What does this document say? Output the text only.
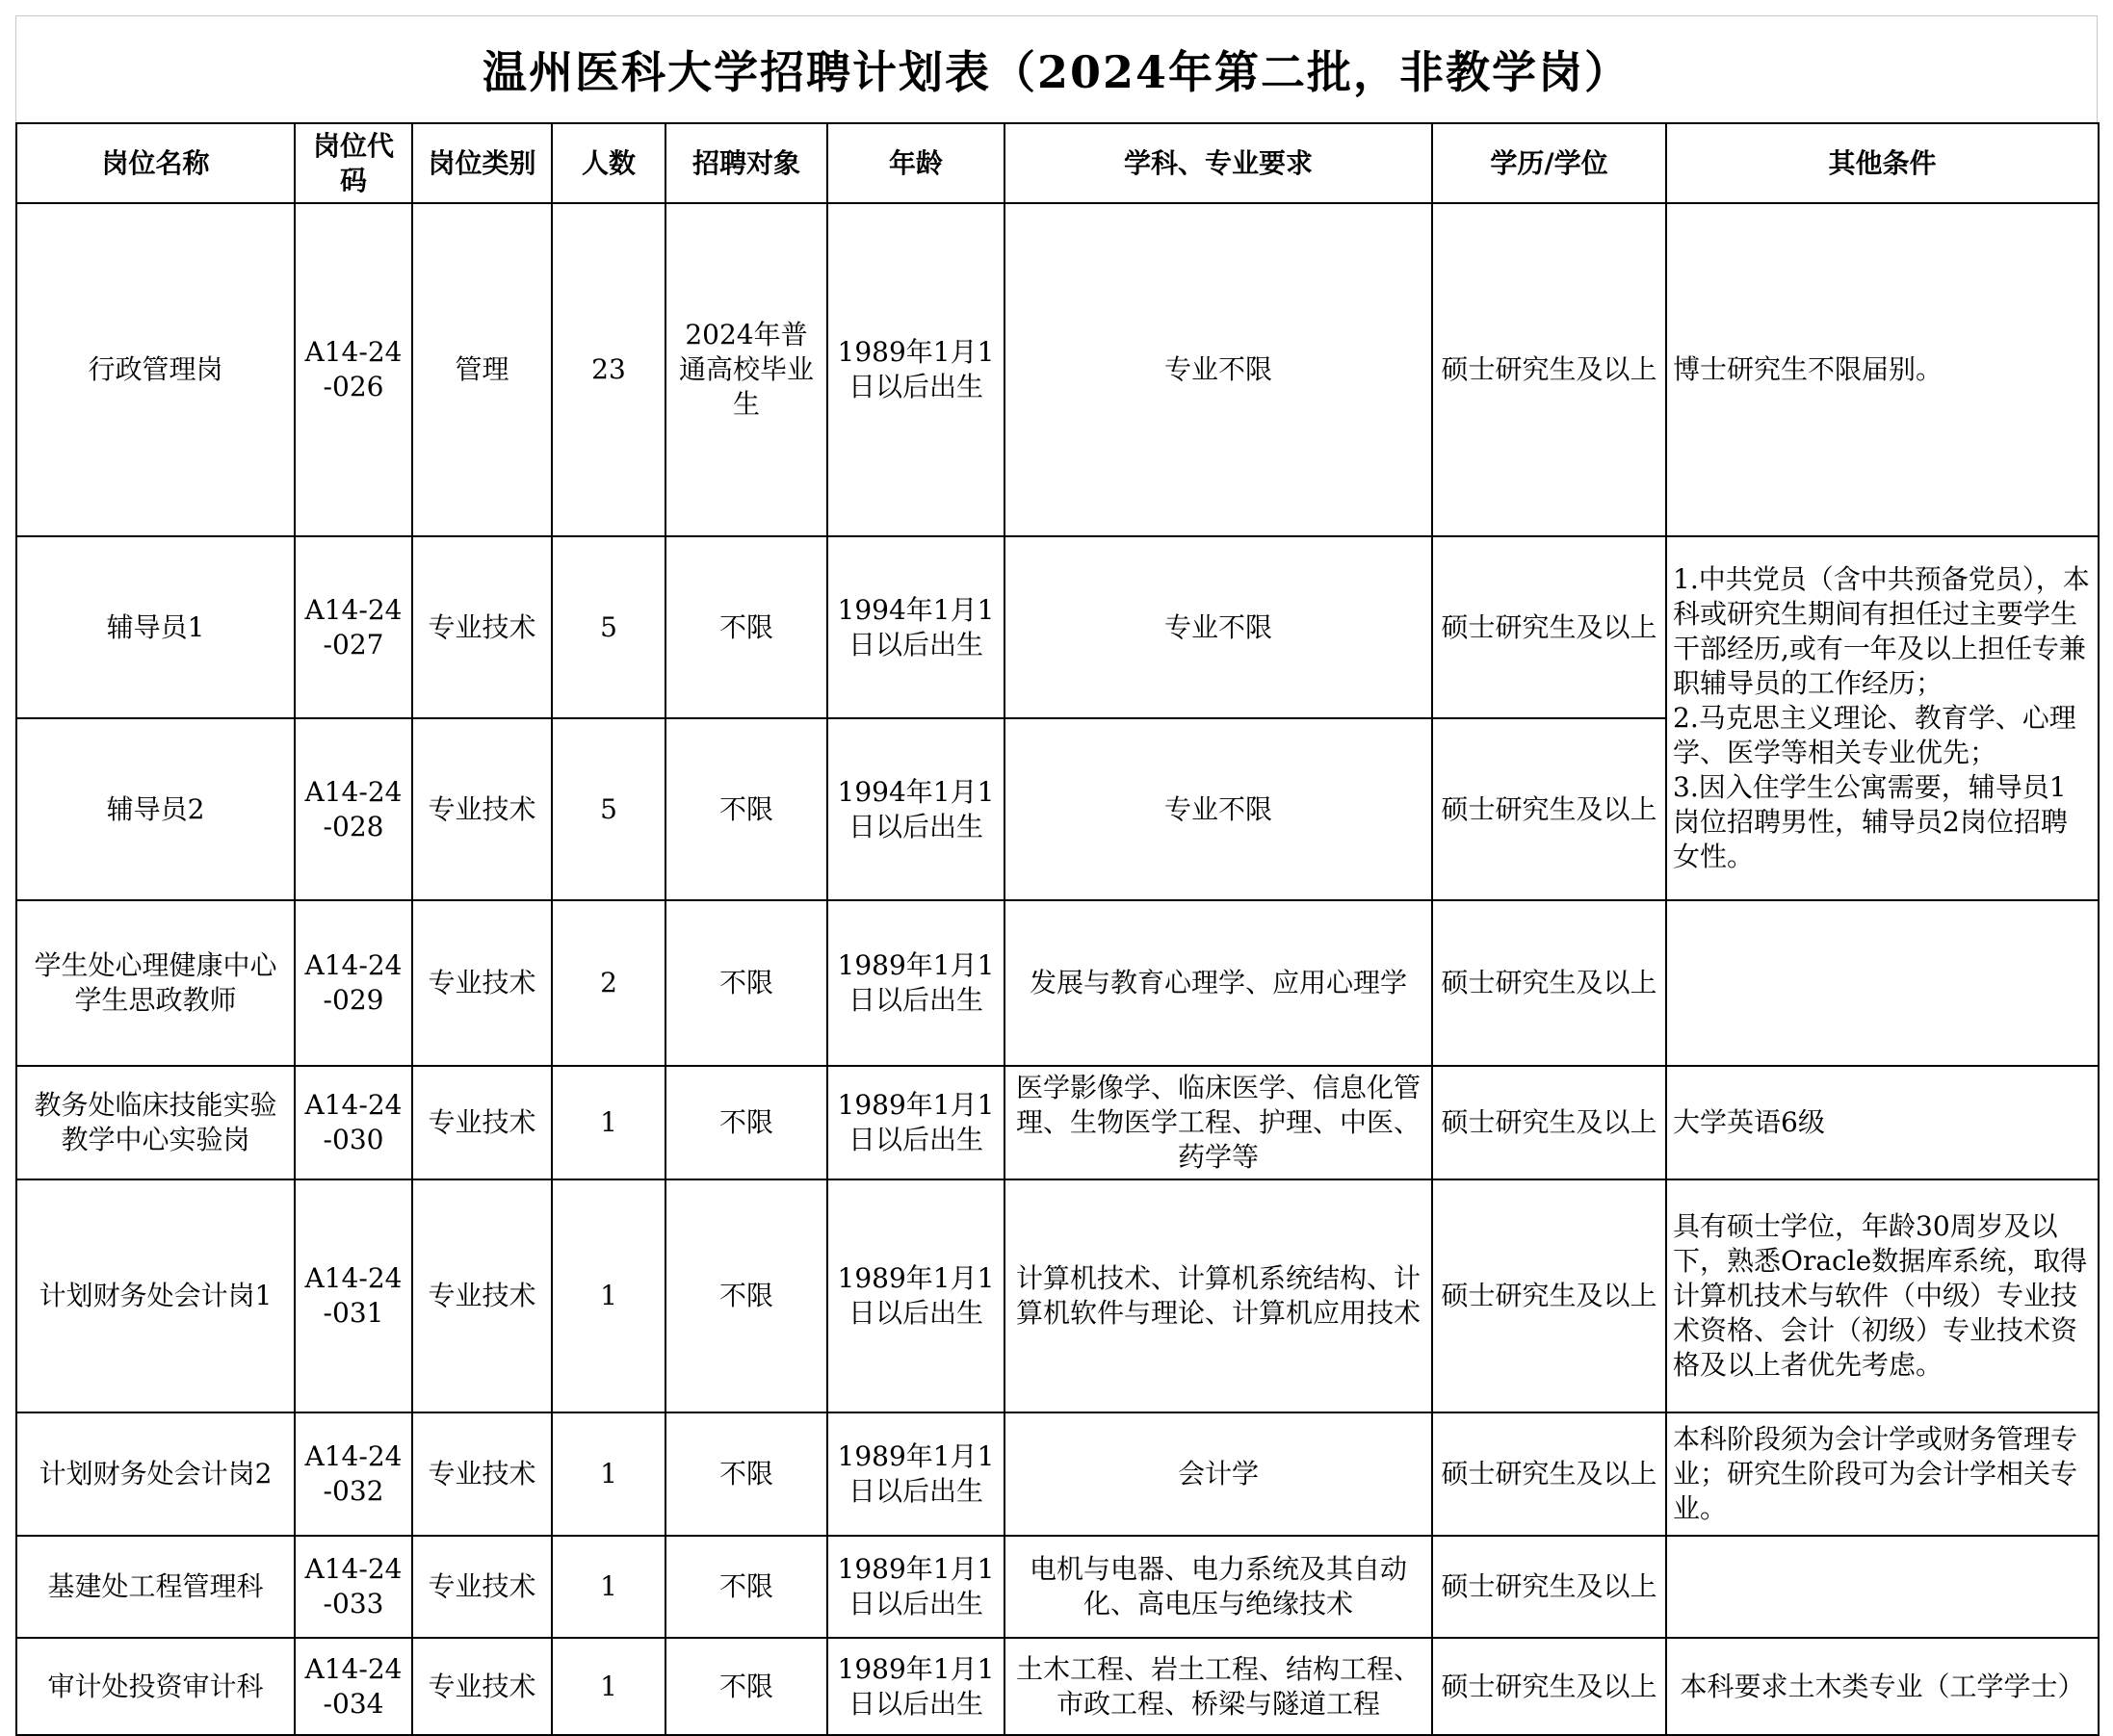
温州医科大学招聘计划表（2024年第二批，非教学岗）
岗位名称	岗位代码	岗位类别	人数	招聘对象	年龄	学科、专业要求	学历/学位	其他条件
行政管理岗	A14-24-026	管理	23	2024年普通高校毕业生	1989年1月1日以后出生	专业不限	硕士研究生及以上	博士研究生不限届别。
辅导员1	A14-24-027	专业技术	5	不限	1994年1月1日以后出生	专业不限	硕士研究生及以上	1.中共党员（含中共预备党员），本科或研究生期间有担任过主要学生干部经历,或有一年及以上担任专兼职辅导员的工作经历；
2.马克思主义理论、教育学、心理学、医学等相关专业优先；
3.因入住学生公寓需要，辅导员1岗位招聘男性，辅导员2岗位招聘女性。
辅导员2	A14-24-028	专业技术	5	不限	1994年1月1日以后出生	专业不限	硕士研究生及以上	
学生处心理健康中心学生思政教师	A14-24-029	专业技术	2	不限	1989年1月1日以后出生	发展与教育心理学、应用心理学	硕士研究生及以上	
教务处临床技能实验教学中心实验岗	A14-24-030	专业技术	1	不限	1989年1月1日以后出生	医学影像学、临床医学、信息化管理、生物医学工程、护理、中医、药学等	硕士研究生及以上	大学英语6级
计划财务处会计岗1	A14-24-031	专业技术	1	不限	1989年1月1日以后出生	计算机技术、计算机系统结构、计算机软件与理论、计算机应用技术	硕士研究生及以上	具有硕士学位，年龄30周岁及以下，熟悉Oracle数据库系统，取得计算机技术与软件（中级）专业技术资格、会计（初级）专业技术资格及以上者优先考虑。
计划财务处会计岗2	A14-24-032	专业技术	1	不限	1989年1月1日以后出生	会计学	硕士研究生及以上	本科阶段须为会计学或财务管理专业；研究生阶段可为会计学相关专业。
基建处工程管理科	A14-24-033	专业技术	1	不限	1989年1月1日以后出生	电机与电器、电力系统及其自动化、高电压与绝缘技术	硕士研究生及以上	
审计处投资审计科	A14-24-034	专业技术	1	不限	1989年1月1日以后出生	土木工程、岩土工程、结构工程、市政工程、桥梁与隧道工程	硕士研究生及以上	本科要求土木类专业（工学学士）
